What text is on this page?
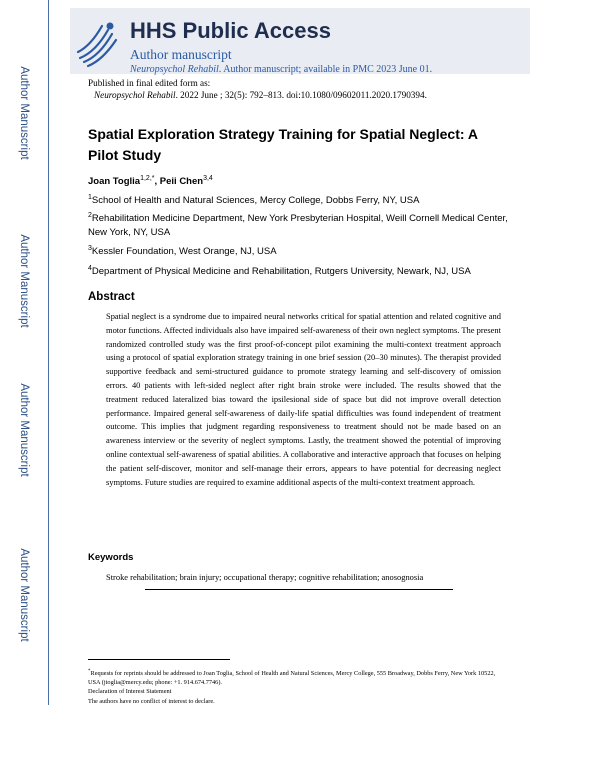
Author Manuscript
Author Manuscript
Author Manuscript
Author Manuscript
HHS Public Access
Author manuscript
Neuropsychol Rehabil. Author manuscript; available in PMC 2023 June 01.
Published in final edited form as:
Neuropsychol Rehabil. 2022 June ; 32(5): 792–813. doi:10.1080/09602011.2020.1790394.
Spatial Exploration Strategy Training for Spatial Neglect: A Pilot Study
Joan Toglia$^{1,2,*}$, Peii Chen$^{3,4}$
$^1$School of Health and Natural Sciences, Mercy College, Dobbs Ferry, NY, USA
$^2$Rehabilitation Medicine Department, New York Presbyterian Hospital, Weill Cornell Medical Center, New York, NY, USA
$^3$Kessler Foundation, West Orange, NJ, USA
$^4$Department of Physical Medicine and Rehabilitation, Rutgers University, Newark, NJ, USA
Abstract
Spatial neglect is a syndrome due to impaired neural networks critical for spatial attention and related cognitive and motor functions. Affected individuals also have impaired self-awareness of their own neglect symptoms. The present randomized controlled study was the first proof-of-concept pilot examining the multi-context treatment approach using a protocol of spatial exploration strategy training in one brief session (20–30 minutes). The therapist provided supportive feedback and semi-structured guidance to promote strategy learning and self-discovery of omission errors. 40 patients with left-sided neglect after right brain stroke were included. The results showed that the treatment reduced lateralized bias toward the ipsilesional side of space but did not improve overall detection performance. Impaired general self-awareness of daily-life spatial difficulties was found independent of treatment outcome. This implies that judgment regarding responsiveness to treatment should not be made based on an awareness interview or the severity of neglect symptoms. Lastly, the treatment showed the potential of improving online contextual self-awareness of spatial abilities. A collaborative and interactive approach that focuses on helping the patient self-discover, monitor and self-manage their errors, appears to have potential for decreasing neglect symptoms. Future studies are required to examine additional aspects of the multi-context treatment approach.
Keywords
Stroke rehabilitation; brain injury; occupational therapy; cognitive rehabilitation; anosognosia
*Requests for reprints should be addressed to Joan Toglia, School of Health and Natural Sciences, Mercy College, 555 Broadway, Dobbs Ferry, New York 10522, USA (jtoglia@mercy.edu; phone: +1. 914.674.7746).
Declaration of Interest Statement
The authors have no conflict of interest to declare.
